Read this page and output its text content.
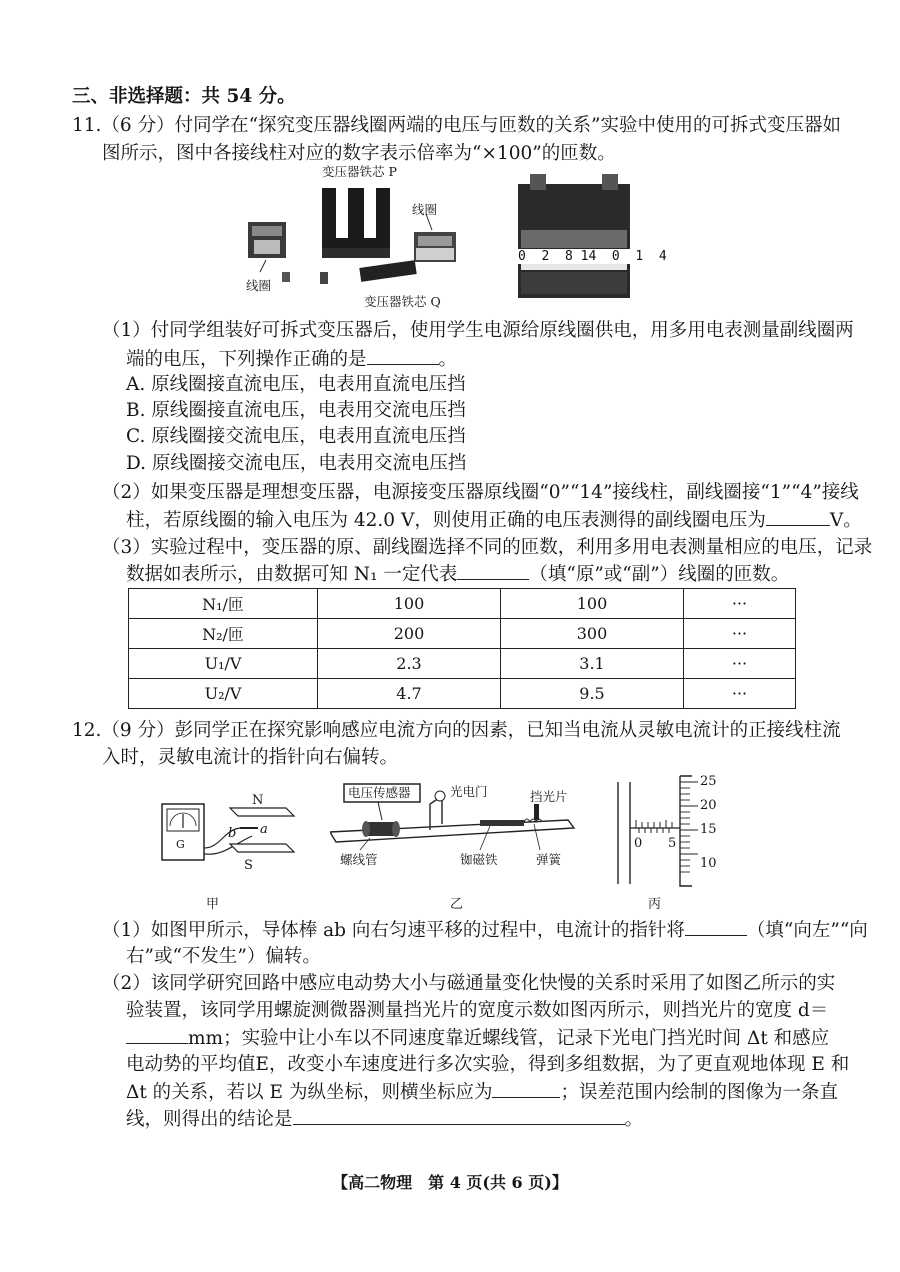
三、非选择题：共 54 分。
11.（6 分）付同学在“探究变压器线圈两端的电压与匝数的关系”实验中使用的可拆式变压器如
图所示，图中各接线柱对应的数字表示倍率为“×100”的匝数。
变压器铁芯 P
线圈
线圈
变压器铁芯 Q
0  2  8 14  0  1  4
（1）付同学组装好可拆式变压器后，使用学生电源给原线圈供电，用多用电表测量副线圈两
端的电压，下列操作正确的是	。
A. 原线圈接直流电压，电表用直流电压挡
B. 原线圈接直流电压，电表用交流电压挡
C. 原线圈接交流电压，电表用直流电压挡
D. 原线圈接交流电压，电表用交流电压挡
（2）如果变压器是理想变压器，电源接变压器原线圈“0”“14”接线柱，副线圈接“1”“4”接线
柱，若原线圈的输入电压为 42.0 V，则使用正确的电压表测得的副线圈电压为	V。
（3）实验过程中，变压器的原、副线圈选择不同的匝数，利用多用电表测量相应的电压，记录
数据如表所示，由数据可知 N₁ 一定代表	（填“原”或“副”）线圈的匝数。
N₁/匝	100	100	···
N₂/匝	200	300	···
U₁/V	2.3	3.1	···
U₂/V	4.7	9.5	···
12.（9 分）彭同学正在探究影响感应电流方向的因素，已知当电流从灵敏电流计的正接线柱流
入时，灵敏电流计的指针向右偏转。
N
S
b a
G
甲
电压传感器	光电门	挡光片
螺线管	铷磁铁	弹簧
乙
0 5
25
20
15
10
丙
（1）如图甲所示，导体棒 ab 向右匀速平移的过程中，电流计的指针将	（填“向左”“向
右”或“不发生”）偏转。
（2）该同学研究回路中感应电动势大小与磁通量变化快慢的关系时采用了如图乙所示的实
验装置，该同学用螺旋测微器测量挡光片的宽度示数如图丙所示，则挡光片的宽度 d＝
mm；实验中让小车以不同速度靠近螺线管，记录下光电门挡光时间 Δt 和感应
电动势的平均值E，改变小车速度进行多次实验，得到多组数据，为了更直观地体现 E 和
Δt 的关系，若以 E 为纵坐标，则横坐标应为	；误差范围内绘制的图像为一条直
线，则得出的结论是	。
【高二物理　第 4 页(共 6 页)】
